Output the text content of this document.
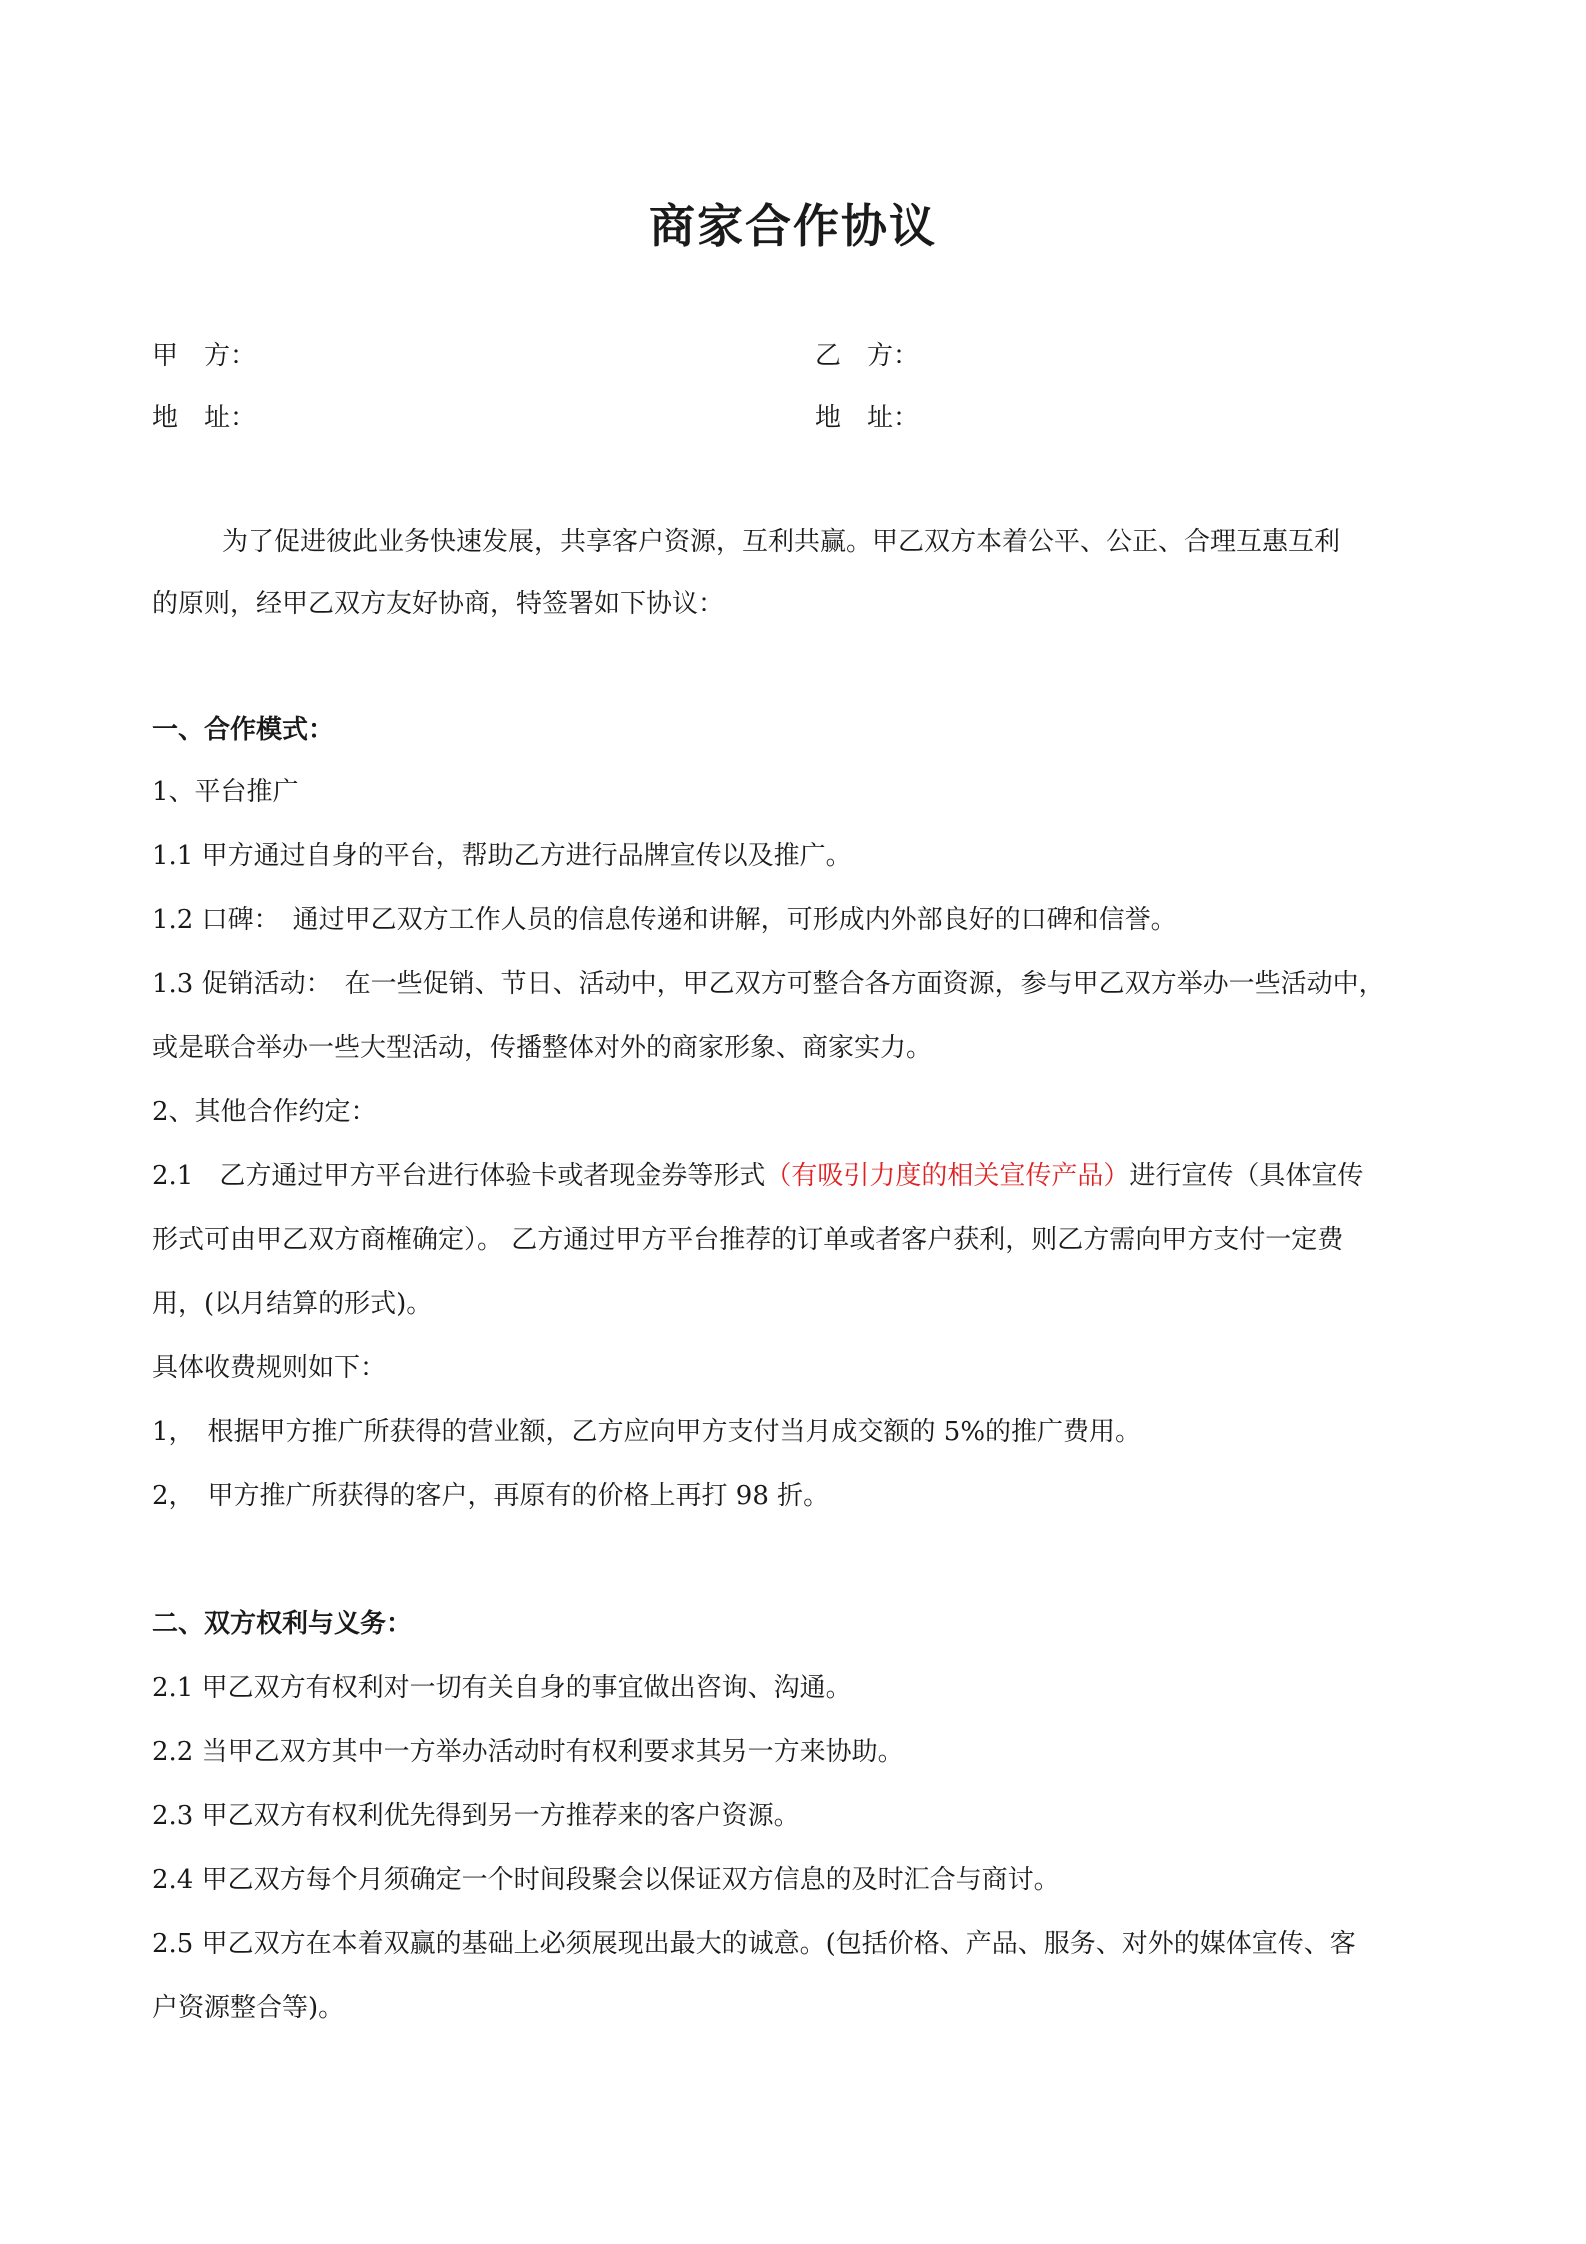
商家合作协议
甲　方：	乙　方：
地　址：	地　址：
为了促进彼此业务快速发展，共享客户资源，互利共赢。甲乙双方本着公平、公正、合理互惠互利
的原则，经甲乙双方友好协商，特签署如下协议：
一、合作模式：
1、平台推广
1.1 甲方通过自身的平台，帮助乙方进行品牌宣传以及推广。
1.2 口碑：　通过甲乙双方工作人员的信息传递和讲解，可形成内外部良好的口碑和信誉。
1.3 促销活动：　在一些促销、节日、活动中，甲乙双方可整合各方面资源，参与甲乙双方举办一些活动中，
或是联合举办一些大型活动，传播整体对外的商家形象、商家实力。
2、其他合作约定：
2.1　乙方通过甲方平台进行体验卡或者现金券等形式（有吸引力度的相关宣传产品）进行宣传（具体宣传
形式可由甲乙双方商榷确定）。 乙方通过甲方平台推荐的订单或者客户获利，则乙方需向甲方支付一定费
用，(以月结算的形式)。
具体收费规则如下：
1，　根据甲方推广所获得的营业额，乙方应向甲方支付当月成交额的 5%的推广费用。
2，　甲方推广所获得的客户，再原有的价格上再打 98 折。
二、双方权利与义务：
2.1 甲乙双方有权利对一切有关自身的事宜做出咨询、沟通。
2.2 当甲乙双方其中一方举办活动时有权利要求其另一方来协助。
2.3 甲乙双方有权利优先得到另一方推荐来的客户资源。
2.4 甲乙双方每个月须确定一个时间段聚会以保证双方信息的及时汇合与商讨。
2.5 甲乙双方在本着双赢的基础上必须展现出最大的诚意。(包括价格、产品、服务、对外的媒体宣传、客
户资源整合等)。
